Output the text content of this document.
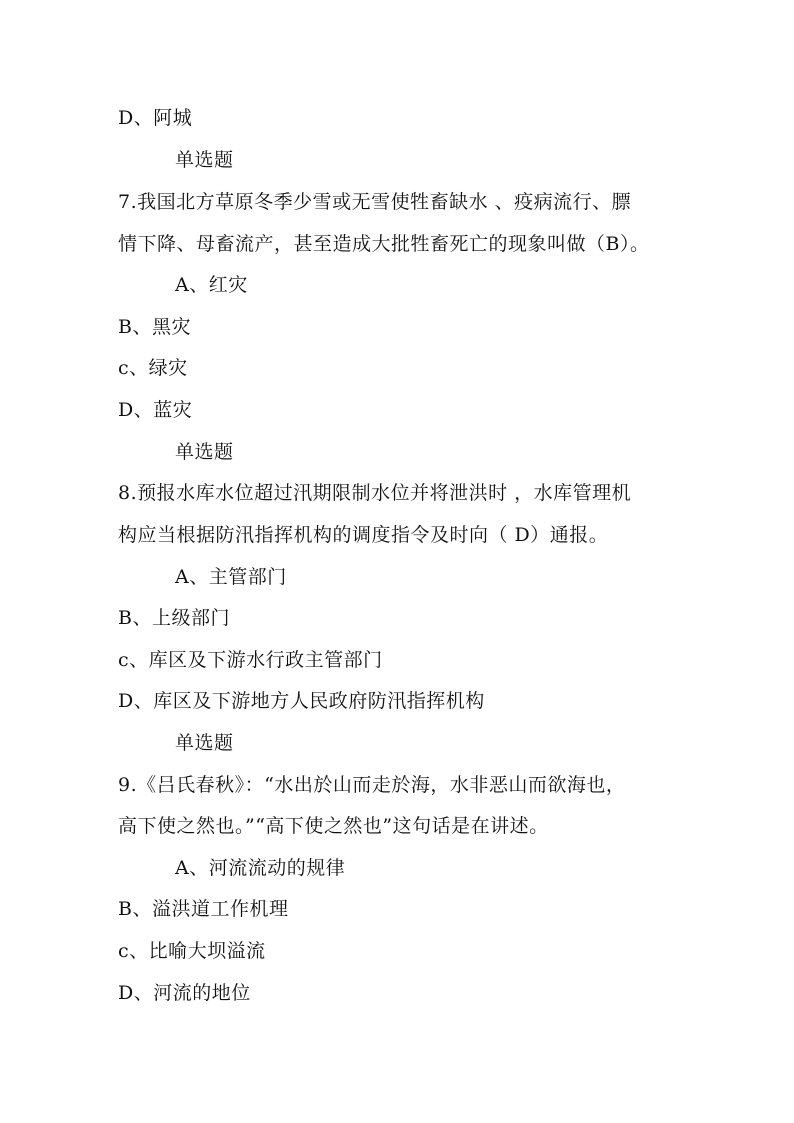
D、阿城
单选题
7.我国北方草原冬季少雪或无雪使牲畜缺水 、疫病流行、膘
情下降、母畜流产，甚至造成大批牲畜死亡的现象叫做（B）。
A、红灾
B、黑灾
c、绿灾
D、蓝灾
单选题
8.预报水库水位超过汛期限制水位并将泄洪时 ，水库管理机
构应当根据防汛指挥机构的调度指令及时向（ D）通报。
A、主管部门
B、上级部门
c、库区及下游水行政主管部门
D、库区及下游地方人民政府防汛指挥机构
单选题
9.《吕氏春秋》：“水出於山而走於海，水非恶山而欲海也，
高下使之然也。”“高下使之然也”这句话是在讲述。
A、河流流动的规律
B、溢洪道工作机理
c、比喻大坝溢流
D、河流的地位
